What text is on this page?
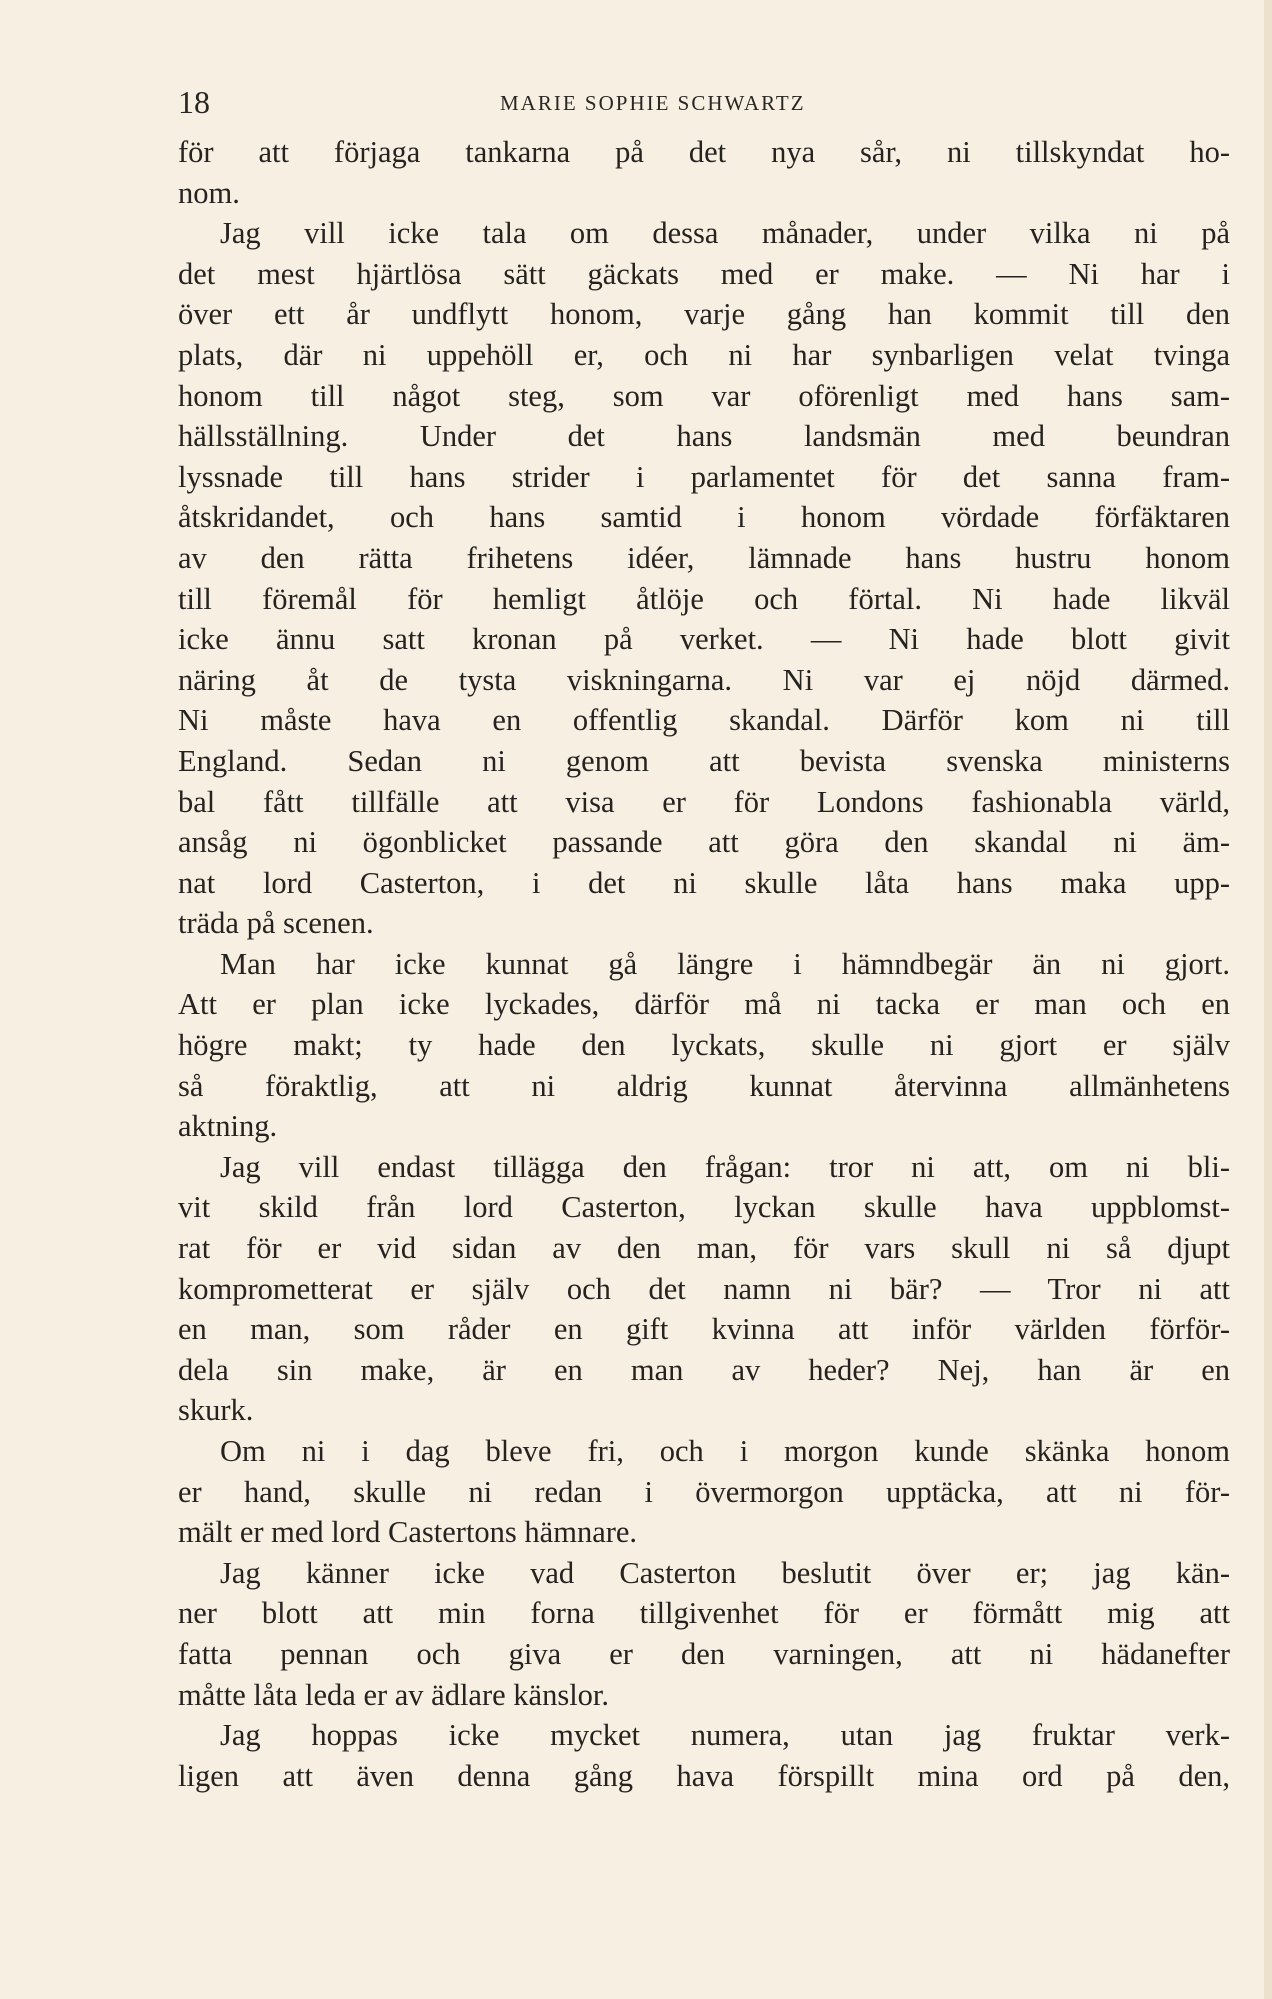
18	MARIE SOPHIE SCHWARTZ
för att förjaga tankarna på det nya sår, ni tillskyndat ho-
nom.
Jag vill icke tala om dessa månader, under vilka ni på
det mest hjärtlösa sätt gäckats med er make. — Ni har i
över ett år undflytt honom, varje gång han kommit till den
plats, där ni uppehöll er, och ni har synbarligen velat tvinga
honom till något steg, som var oförenligt med hans sam-
hällsställning. Under det hans landsmän med beundran
lyssnade till hans strider i parlamentet för det sanna fram-
åtskridandet, och hans samtid i honom vördade förfäktaren
av den rätta frihetens idéer, lämnade hans hustru honom
till föremål för hemligt åtlöje och förtal. Ni hade likväl
icke ännu satt kronan på verket. — Ni hade blott givit
näring åt de tysta viskningarna. Ni var ej nöjd därmed.
Ni måste hava en offentlig skandal. Därför kom ni till
England. Sedan ni genom att bevista svenska ministerns
bal fått tillfälle att visa er för Londons fashionabla värld,
ansåg ni ögonblicket passande att göra den skandal ni äm-
nat lord Casterton, i det ni skulle låta hans maka upp-
träda på scenen.
Man har icke kunnat gå längre i hämndbegär än ni gjort.
Att er plan icke lyckades, därför må ni tacka er man och en
högre makt; ty hade den lyckats, skulle ni gjort er själv
så föraktlig, att ni aldrig kunnat återvinna allmänhetens
aktning.
Jag vill endast tillägga den frågan: tror ni att, om ni bli-
vit skild från lord Casterton, lyckan skulle hava uppblomst-
rat för er vid sidan av den man, för vars skull ni så djupt
komprometterat er själv och det namn ni bär? — Tror ni att
en man, som råder en gift kvinna att inför världen förför-
dela sin make, är en man av heder? Nej, han är en
skurk.
Om ni i dag bleve fri, och i morgon kunde skänka honom
er hand, skulle ni redan i övermorgon upptäcka, att ni för-
mält er med lord Castertons hämnare.
Jag känner icke vad Casterton beslutit över er; jag kän-
ner blott att min forna tillgivenhet för er förmått mig att
fatta pennan och giva er den varningen, att ni hädanefter
måtte låta leda er av ädlare känslor.
Jag hoppas icke mycket numera, utan jag fruktar verk-
ligen att även denna gång hava förspillt mina ord på den,
